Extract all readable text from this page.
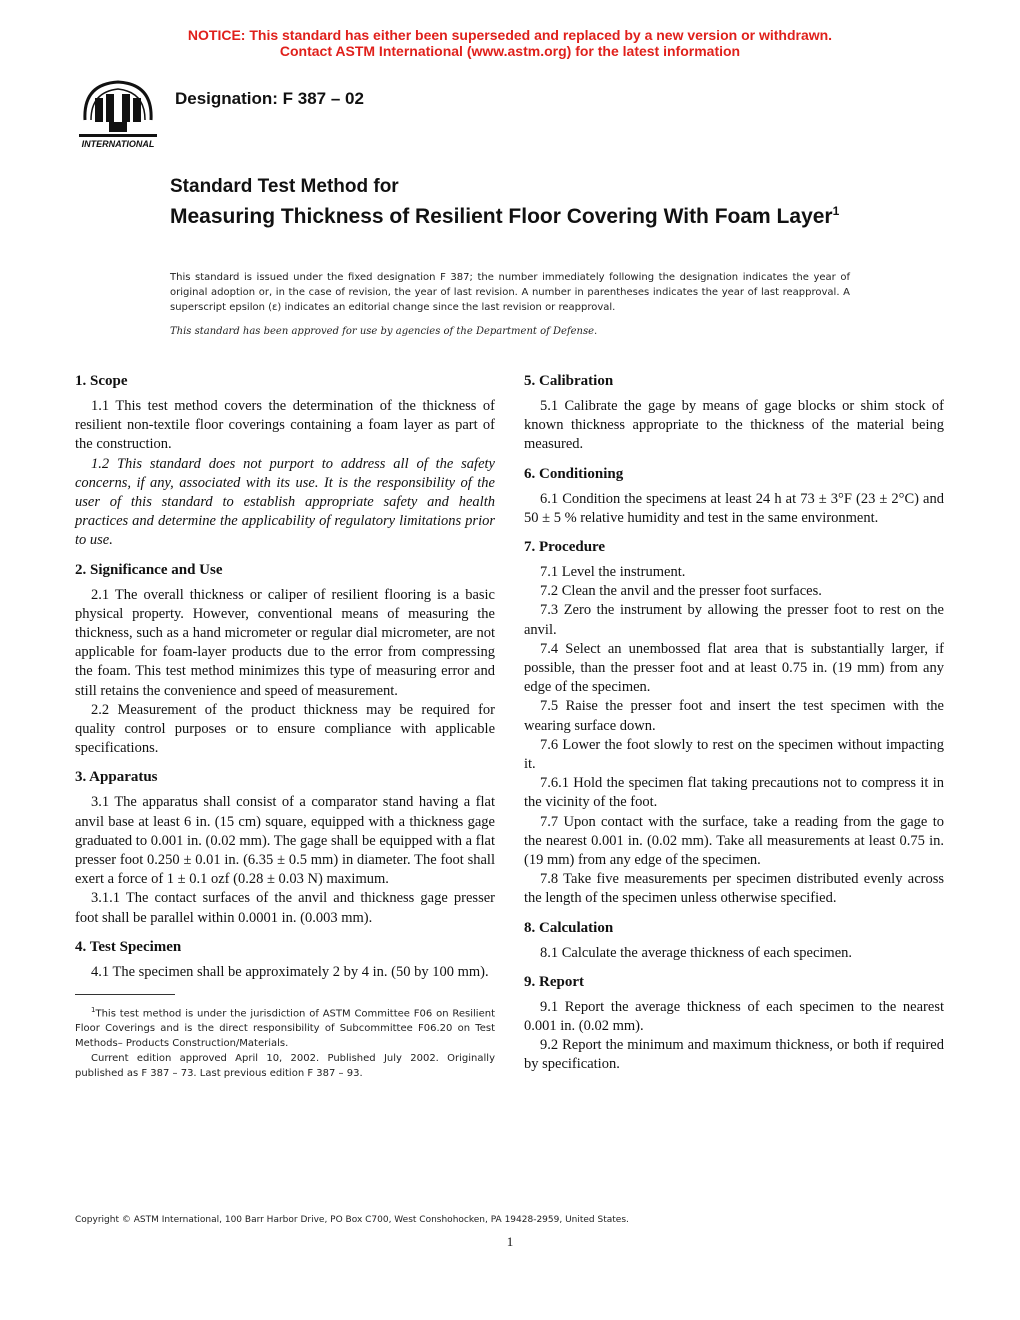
NOTICE: This standard has either been superseded and replaced by a new version or withdrawn.
Contact ASTM International (www.astm.org) for the latest information
INTERNATIONAL
Designation: F 387 – 02
Standard Test Method for
Measuring Thickness of Resilient Floor Covering With Foam Layer$^1$
This standard is issued under the fixed designation F 387; the number immediately following the designation indicates the year of original adoption or, in the case of revision, the year of last revision. A number in parentheses indicates the year of last reapproval. A superscript epsilon (ε) indicates an editorial change since the last revision or reapproval.
This standard has been approved for use by agencies of the Department of Defense.
1. Scope

1.1 This test method covers the determination of the thickness of resilient non-textile floor coverings containing a foam layer as part of the construction.

1.2 This standard does not purport to address all of the safety concerns, if any, associated with its use. It is the responsibility of the user of this standard to establish appropriate safety and health practices and determine the applicability of regulatory limitations prior to use.

2. Significance and Use

2.1 The overall thickness or caliper of resilient flooring is a basic physical property. However, conventional means of measuring the thickness, such as a hand micrometer or regular dial micrometer, are not applicable for foam-layer products due to the error from compressing the foam. This test method minimizes this type of measuring error and still retains the convenience and speed of measurement.

2.2 Measurement of the product thickness may be required for quality control purposes or to ensure compliance with applicable specifications.

3. Apparatus

3.1 The apparatus shall consist of a comparator stand having a flat anvil base at least 6 in. (15 cm) square, equipped with a thickness gage graduated to 0.001 in. (0.02 mm). The gage shall be equipped with a flat presser foot 0.250 ± 0.01 in. (6.35 ± 0.5 mm) in diameter. The foot shall exert a force of 1 ± 0.1 ozf (0.28 ± 0.03 N) maximum.

3.1.1 The contact surfaces of the anvil and thickness gage presser foot shall be parallel within 0.0001 in. (0.003 mm).

4. Test Specimen

4.1 The specimen shall be approximately 2 by 4 in. (50 by 100 mm).

$^1$This test method is under the jurisdiction of ASTM Committee F06 on Resilient Floor Coverings and is the direct responsibility of Subcommittee F06.20 on Test Methods– Products Construction/Materials.

Current edition approved April 10, 2002. Published July 2002. Originally published as F 387 – 73. Last previous edition F 387 – 93.

5. Calibration

5.1 Calibrate the gage by means of gage blocks or shim stock of known thickness appropriate to the thickness of the material being measured.

6. Conditioning

6.1 Condition the specimens at least 24 h at 73 ± 3°F (23 ± 2°C) and 50 ± 5 % relative humidity and test in the same environment.

7. Procedure

7.1 Level the instrument.

7.2 Clean the anvil and the presser foot surfaces.

7.3 Zero the instrument by allowing the presser foot to rest on the anvil.

7.4 Select an unembossed flat area that is substantially larger, if possible, than the presser foot and at least 0.75 in. (19 mm) from any edge of the specimen.

7.5 Raise the presser foot and insert the test specimen with the wearing surface down.

7.6 Lower the foot slowly to rest on the specimen without impacting it.

7.6.1 Hold the specimen flat taking precautions not to compress it in the vicinity of the foot.

7.7 Upon contact with the surface, take a reading from the gage to the nearest 0.001 in. (0.02 mm). Take all measurements at least 0.75 in. (19 mm) from any edge of the specimen.

7.8 Take five measurements per specimen distributed evenly across the length of the specimen unless otherwise specified.

8. Calculation

8.1 Calculate the average thickness of each specimen.

9. Report

9.1 Report the average thickness of each specimen to the nearest 0.001 in. (0.02 mm).

9.2 Report the minimum and maximum thickness, or both if required by specification.

Copyright © ASTM International, 100 Barr Harbor Drive, PO Box C700, West Conshohocken, PA 19428-2959, United States.
1
